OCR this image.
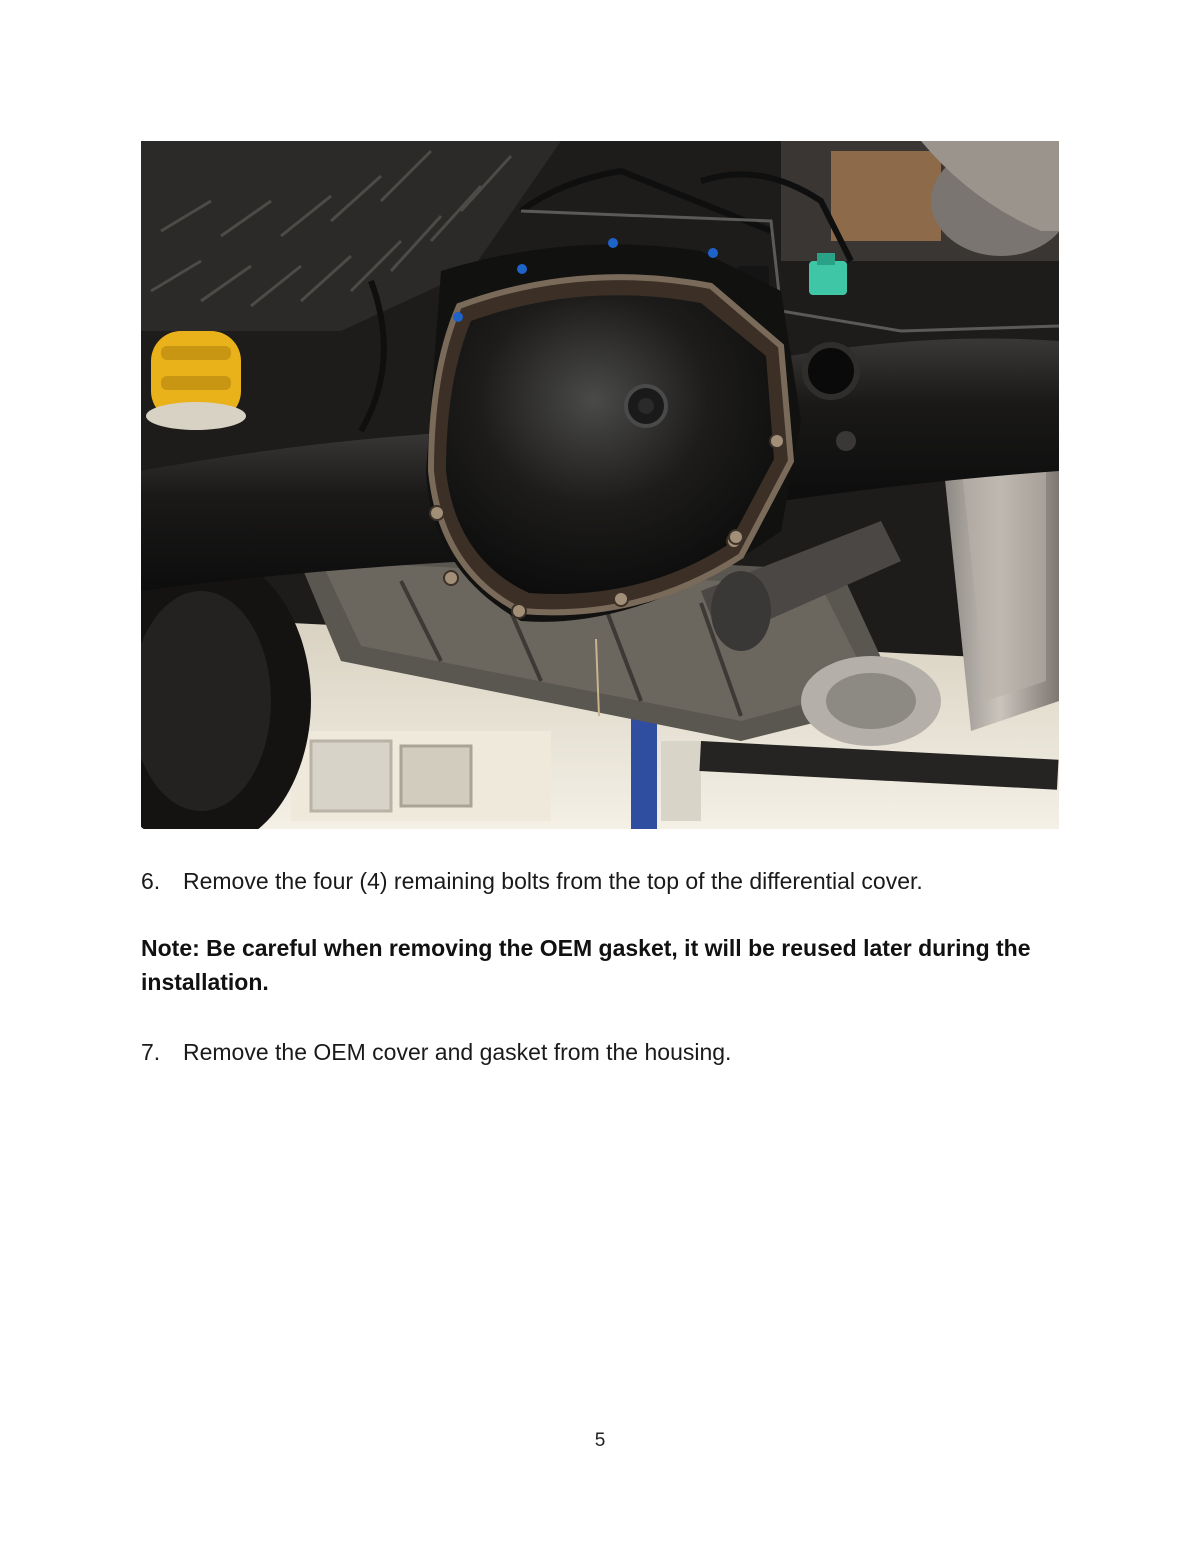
6. Remove the four (4) remaining bolts from the top of the differential cover.
Note: Be careful when removing the OEM gasket, it will be reused later during the installation.
7. Remove the OEM cover and gasket from the housing.
5
